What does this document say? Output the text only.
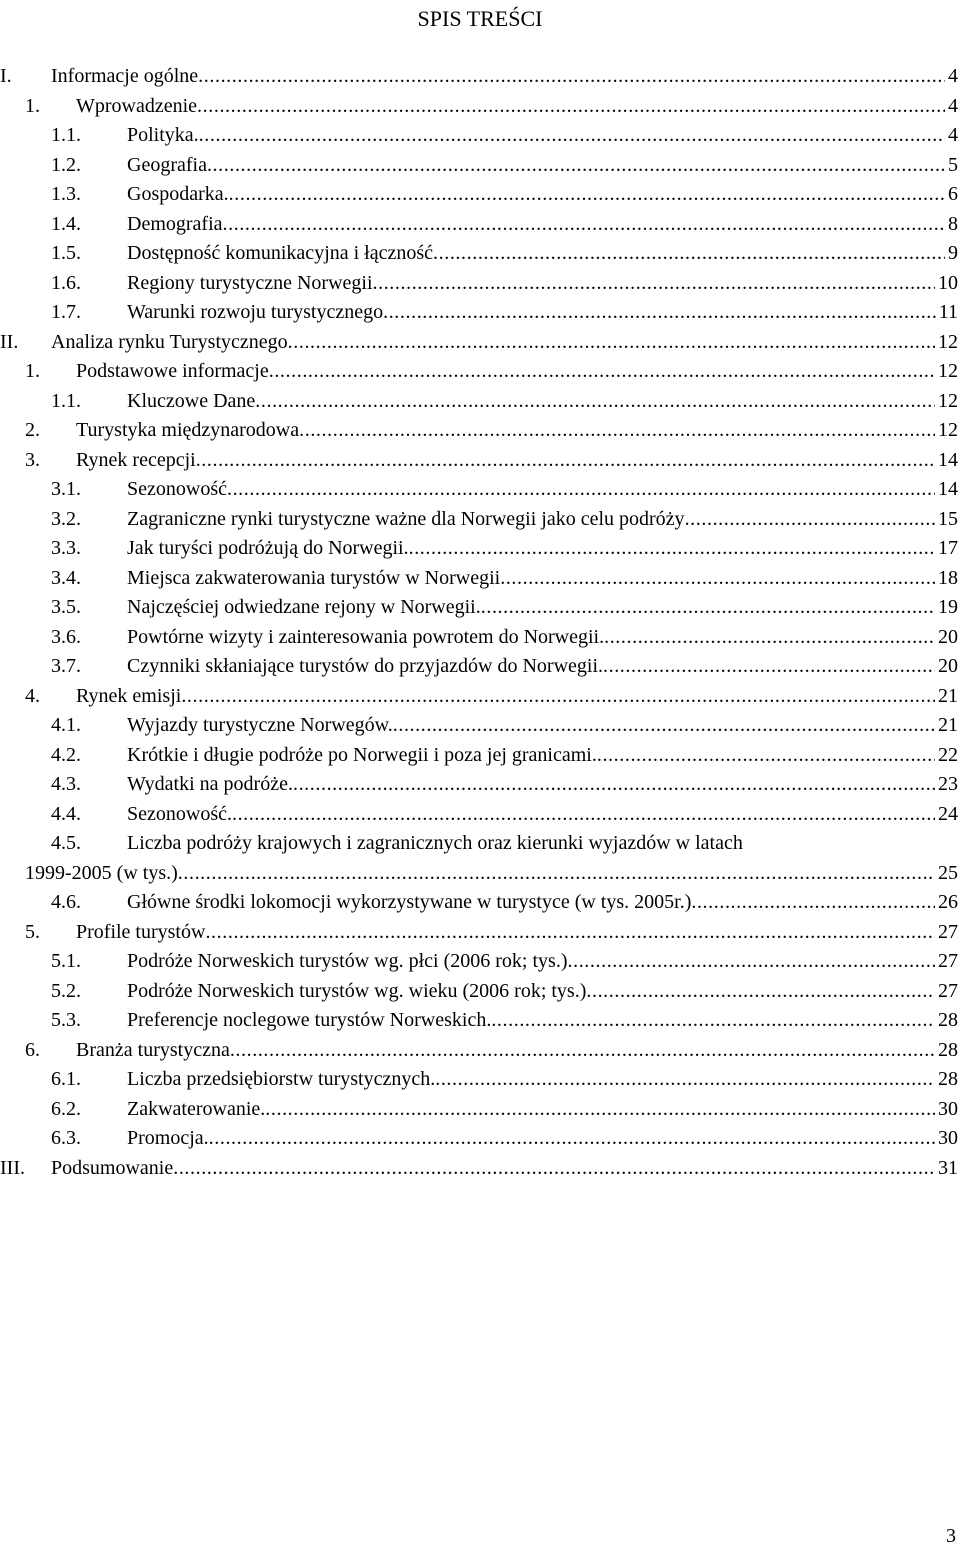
SPIS TREŚCI
I. Informacje ogólne . . .	4
1. Wprowadzenie . . .	4
1.1. Polityka. . . .	4
1.2. Geografia . . .	5
1.3. Gospodarka. . . .	6
1.4. Demografia . . .	8
1.5. Dostępność komunikacyjna i łączność . . .	9
1.6. Regiony turystyczne Norwegii . . .	10
1.7. Warunki rozwoju turystycznego . . .	11
II. Analiza rynku Turystycznego . . .	12
1. Podstawowe informacje . . .	12
1.1. Kluczowe Dane . . .	12
2. Turystyka międzynarodowa . . .	12
3. Rynek recepcji . . .	14
3.1. Sezonowość . . .	14
3.2. Zagraniczne rynki turystyczne ważne dla Norwegii jako celu podróży . . .	15
3.3. Jak turyści podróżują do Norwegii. . . .	17
3.4. Miejsca zakwaterowania turystów w Norwegii . . .	18
3.5. Najczęściej odwiedzane rejony w Norwegii. . . .	19
3.6. Powtórne wizyty i zainteresowania powrotem do Norwegii. . . .	20
3.7. Czynniki skłaniające turystów do przyjazdów do Norwegii. . . .	20
4. Rynek emisji . . .	21
4.1. Wyjazdy turystyczne Norwegów. . . .	21
4.2. Krótkie i długie podróże po Norwegii i poza jej granicami. . . .	22
4.3. Wydatki na podróże. . . .	23
4.4. Sezonowość. . . .	24
4.5. Liczba podróży krajowych i zagranicznych oraz kierunki wyjazdów w latach
1999-2005 (w tys.) . . .	25
4.6. Główne środki lokomocji wykorzystywane w turystyce (w tys. 2005r.) . . .	26
5. Profile turystów . . .	27
5.1. Podróże Norweskich turystów wg. płci (2006 rok; tys.) . . .	27
5.2. Podróże Norweskich turystów wg. wieku (2006 rok; tys.) . . .	27
5.3. Preferencje noclegowe turystów Norweskich. . . .	28
6. Branża turystyczna . . .	28
6.1. Liczba przedsiębiorstw turystycznych. . . .	28
6.2. Zakwaterowanie. . . .	30
6.3. Promocja. . . .	30
III. Podsumowanie . . .	31
3
